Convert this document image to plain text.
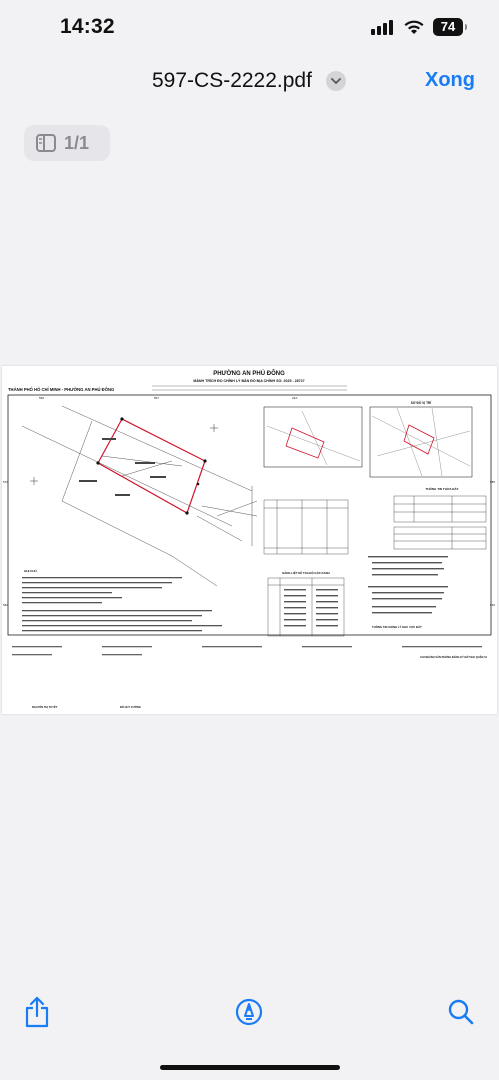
14:32	74
597-CS-2222.pdf	Xong
1/1
PHƯỜNG AN PHÚ ĐÔNG
MẢNH TRÍCH ĐO CHỈNH LÝ BẢN ĐỒ ĐỊA CHÍNH SỐ: 2025 - 28727
THÀNH PHỐ HỒ CHÍ MINH - PHƯỜNG AN PHÚ ĐÔNG
596	597	24A
570	585
540	540
SƠ ĐỒ VỊ TRÍ
THÔNG TIN THỬA ĐẤT
BẢNG LIỆT KÊ TỌA ĐỘ GÓC RANH
THÔNG TIN CHỈNH LÝ KHU VỰC ĐẤT
GHI CHÚ
NGUYỄN THỊ TUYẾT	ĐỖ HUY CƯỜNG
CHI NHÁNH VĂN PHÒNG ĐĂNG KÝ ĐẤT ĐAI QUẬN 12
